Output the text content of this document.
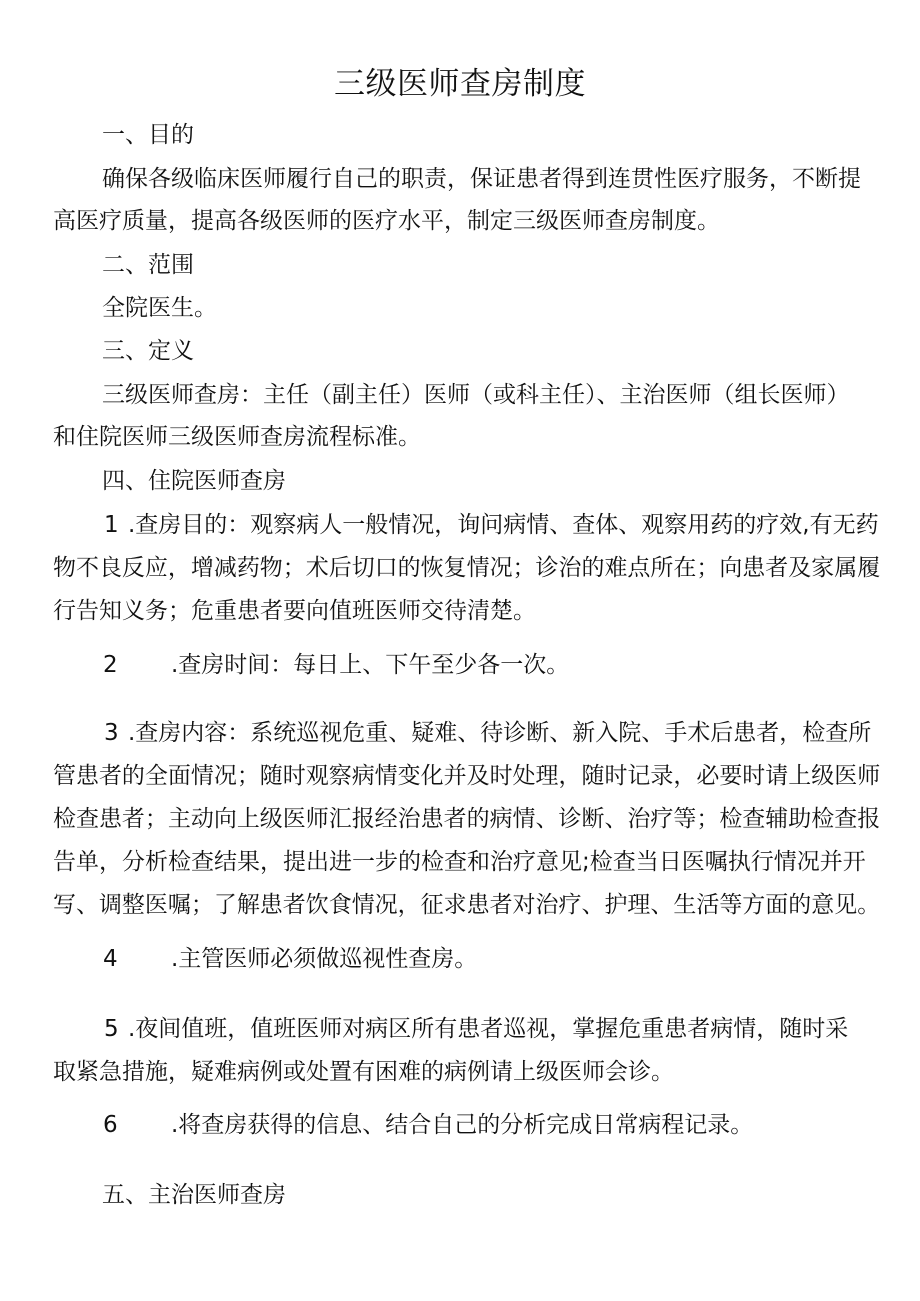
三级医师查房制度
一、目的
确保各级临床医师履行自己的职责，保证患者得到连贯性医疗服务，不断提
高医疗质量，提高各级医师的医疗水平，制定三级医师查房制度。
二、范围
全院医生。
三、定义
三级医师查房：主任（副主任）医师（或科主任）、主治医师（组长医师）
和住院医师三级医师查房流程标准。
四、住院医师查房
1 .查房目的：观察病人一般情况，询问病情、查体、观察用药的疗效,有无药
物不良反应，增减药物；术后切口的恢复情况；诊治的难点所在；向患者及家属履
行告知义务；危重患者要向值班医师交待清楚。
2 .查房时间：每日上、下午至少各一次。
3 .查房内容：系统巡视危重、疑难、待诊断、新入院、手术后患者，检查所
管患者的全面情况；随时观察病情变化并及时处理，随时记录，必要时请上级医师
检查患者；主动向上级医师汇报经治患者的病情、诊断、治疗等；检查辅助检查报
告单，分析检查结果，提出进一步的检查和治疗意见;检查当日医嘱执行情况并开
写、调整医嘱；了解患者饮食情况，征求患者对治疗、护理、生活等方面的意见。
4 .主管医师必须做巡视性查房。
5 .夜间值班，值班医师对病区所有患者巡视，掌握危重患者病情，随时采
取紧急措施，疑难病例或处置有困难的病例请上级医师会诊。
6 .将查房获得的信息、结合自己的分析完成日常病程记录。
五、主治医师查房
